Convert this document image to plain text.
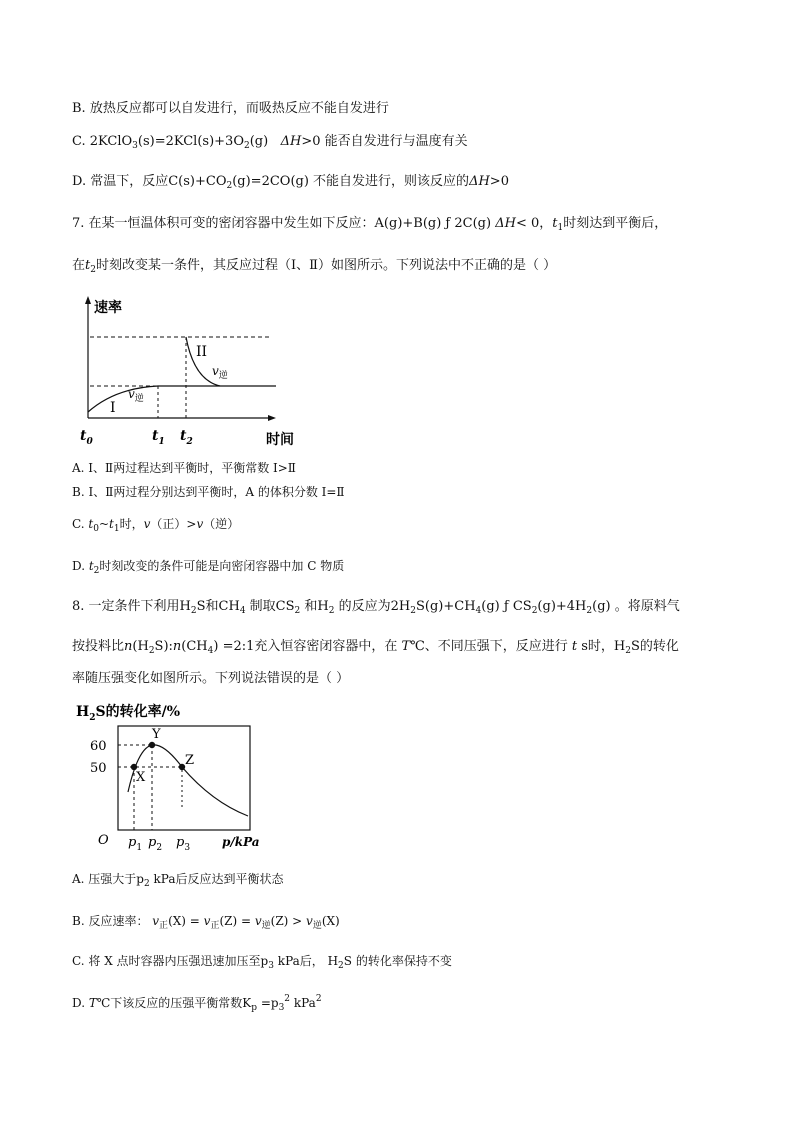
B. 放热反应都可以自发进行，而吸热反应不能自发进行
C. $2KClO_3(s)=2KCl(s)+3O_2(g)$   ΔH>0 能否自发进行与温度有关
D. 常温下，反应$C(s)+CO_2(g)=2CO(g)$ 不能自发进行，则该反应的ΔH>0
7. 在某一恒温体积可变的密闭容器中发生如下反应：A(g)+B(g) ƒ 2C(g) ΔH< 0，$t_1$时刻达到平衡后，
在$t_2$时刻改变某一条件，其反应过程（Ⅰ、Ⅱ）如图所示。下列说法中不正确的是（ ）
速率
时间
I
II
$v_逆$
$v_逆$
$t_0$	$t_1$ $t_2$
A. Ⅰ、Ⅱ两过程达到平衡时，平衡常数 Ⅰ>Ⅱ
B. Ⅰ、Ⅱ两过程分别达到平衡时，A 的体积分数 Ⅰ=Ⅱ
C. $t_0\sim t_1$时，v（正）>v（逆）
D. $t_2$时刻改变的条件可能是向密闭容器中加 C 物质
8. 一定条件下利用$H_2S$和$CH_4$ 制取$CS_2$ 和$H_2$ 的反应为$2H_2S(g)+CH_4(g)$ ƒ $CS_2(g)+4H_2(g)$ 。将原料气
按投料比$n(H_2S):n(CH_4)$ =2:1充入恒容密闭容器中，在 T℃、不同压强下，反应进行 t s时，$H_2S$的转化
率随压强变化如图所示。下列说法错误的是（ ）
$H_2S$的转化率/%
X
Y
Z
60
50
O $p_1$ $p_2$ $p_3$	p/kPa
A. 压强大于$p_2$ kPa后反应达到平衡状态
B. 反应速率： $v_正(X) = v_正(Z) = v_逆(Z) > v_逆(X)$
C. 将 X 点时容器内压强迅速加压至$p_3$ kPa后， $H_2S$ 的转化率保持不变
D. T℃下该反应的压强平衡常数$K_p =p_3^2$ kPa$^2$
